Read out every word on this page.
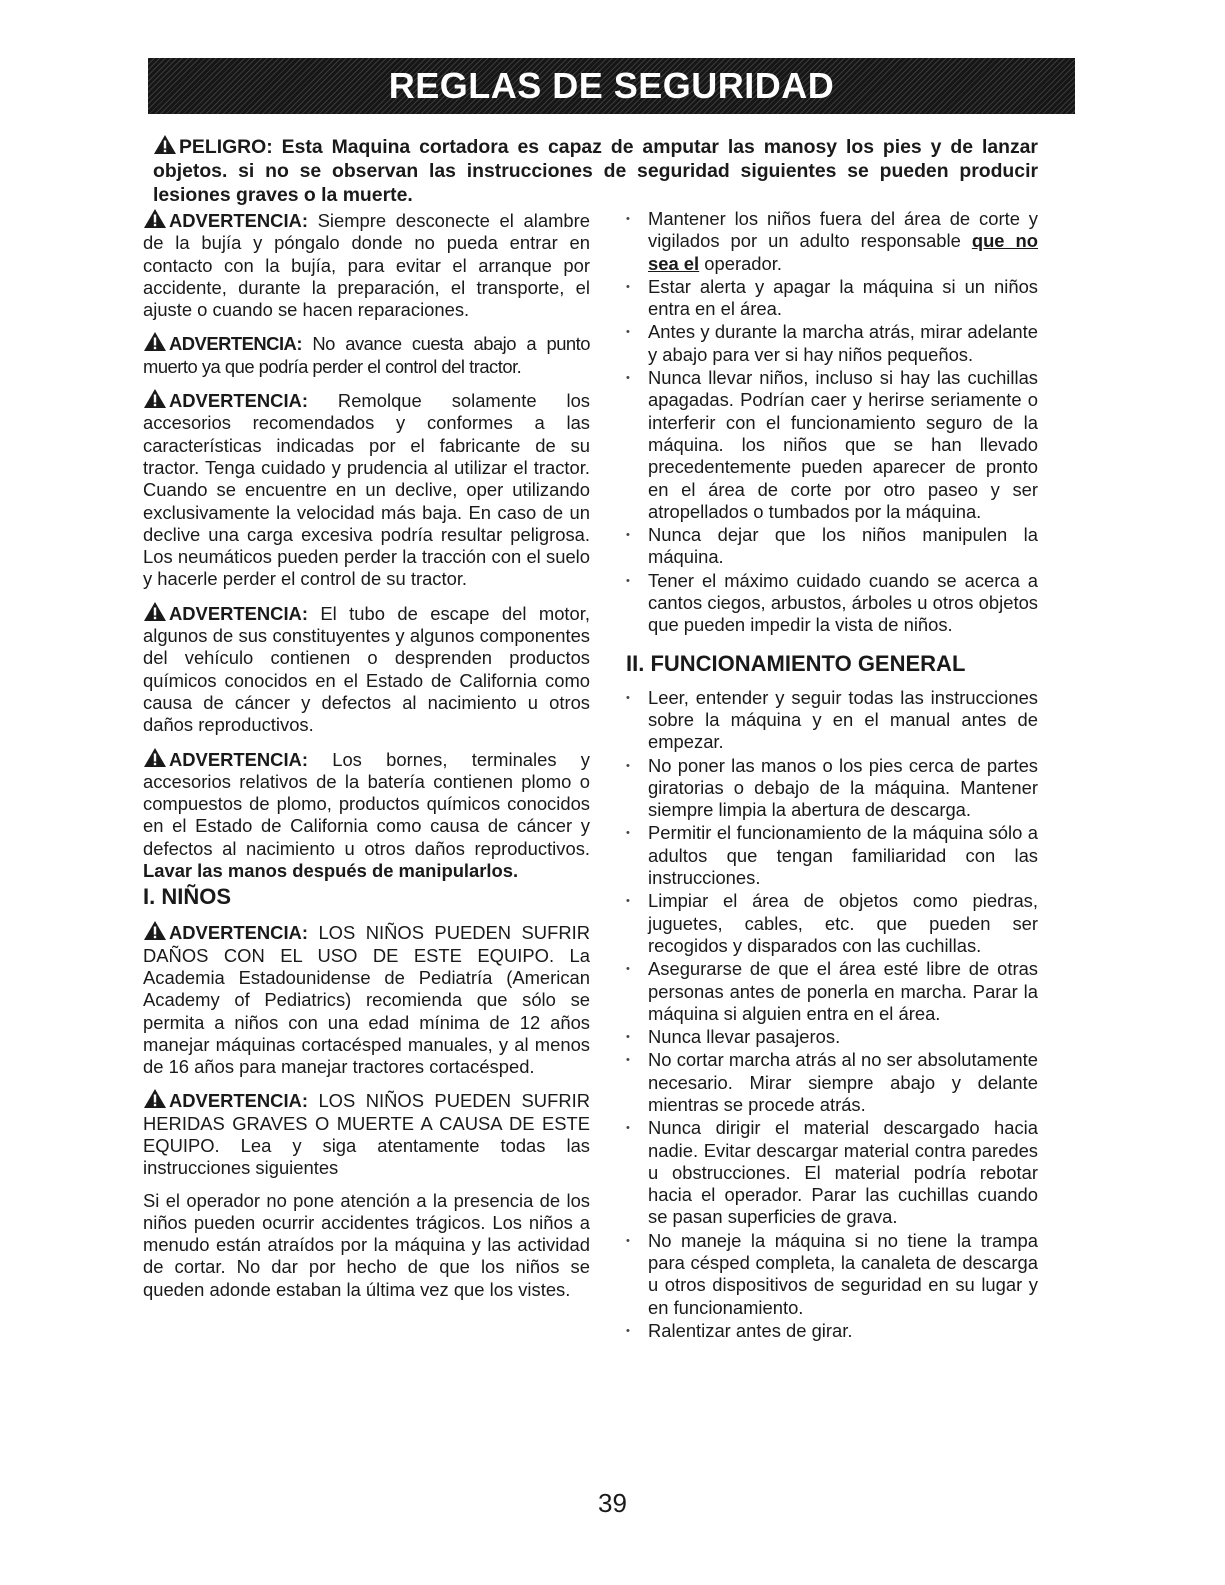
REGLAS DE SEGURIDAD
PELIGRO: Esta Maquina cortadora es capaz de amputar las manosy los pies y de lanzar objetos. si no se observan las instrucciones de seguridad siguientes se pueden producir lesiones graves o la muerte.

ADVERTENCIA: Siempre desconecte el alambre de la bujía y póngalo donde no pueda entrar en contacto con la bujía, para evitar el arranque por accidente, durante la preparación, el transporte, el ajuste o cuando se hacen reparaciones.

ADVERTENCIA: No avance cuesta abajo a punto muerto ya que podría perder el control del tractor.

ADVERTENCIA: Remolque solamente los accesorios recomendados y conformes a las características indicadas por el fabricante de su tractor. Tenga cuidado y prudencia al utilizar el tractor. Cuando se encuentre en un declive, oper utilizando exclusivamente la velocidad más baja. En caso de un declive una carga excesiva podría resultar peligrosa. Los neumáticos pueden perder la tracción con el suelo y hacerle perder el control de su tractor.

ADVERTENCIA: El tubo de escape del motor, algunos de sus constituyentes y algunos componentes del vehículo contienen o desprenden productos químicos conocidos en el Estado de California como causa de cáncer y defectos al nacimiento u otros daños reproductivos.

ADVERTENCIA: Los bornes, terminales y accesorios relativos de la batería contienen plomo o compuestos de plomo, productos químicos conocidos en el Estado de California como causa de cáncer y defectos al nacimiento u otros daños reproductivos. Lavar las manos después de manipularlos.

I. NIÑOS

ADVERTENCIA: LOS NIÑOS PUEDEN SUFRIR DAÑOS CON EL USO DE ESTE EQUIPO. La Academia Estadounidense de Pediatría (American Academy of Pediatrics) recomienda que sólo se permita a niños con una edad mínima de 12 años manejar máquinas cortacésped manuales, y al menos de 16 años para manejar tractores cortacésped.

ADVERTENCIA: LOS NIÑOS PUEDEN SUFRIR HERIDAS GRAVES O MUERTE A CAUSA DE ESTE EQUIPO. Lea y siga atentamente todas las instrucciones siguientes

Si el operador no pone atención a la presencia de los niños pueden ocurrir accidentes trágicos. Los niños a menudo están atraídos por la máquina y las actividad de cortar. No dar por hecho de que los niños se queden adonde estaban la última vez que los vistes.

• Mantener los niños fuera del área de corte y vigilados por un adulto responsable que no sea el operador.
• Estar alerta y apagar la máquina si un niños entra en el área.
• Antes y durante la marcha atrás, mirar adelante y abajo para ver si hay niños pequeños.
• Nunca llevar niños, incluso si hay las cuchillas apagadas. Podrían caer y herirse seriamente o interferir con el funcionamiento seguro de la máquina. los niños que se han llevado precedentemente pueden aparecer de pronto en el área de corte por otro paseo y ser atropellados o tumbados por la máquina.
• Nunca dejar que los niños manipulen la máquina.
• Tener el máximo cuidado cuando se acerca a cantos ciegos, arbustos, árboles u otros objetos que pueden impedir la vista de niños.
II. FUNCIONAMIENTO GENERAL
• Leer, entender y seguir todas las instrucciones sobre la máquina y en el manual antes de empezar.
• No poner las manos o los pies cerca de partes giratorias o debajo de la máquina. Mantener siempre limpia la abertura de descarga.
• Permitir el funcionamiento de la máquina sólo a adultos que tengan familiaridad con las instrucciones.
• Limpiar el área de objetos como piedras, juguetes, cables, etc. que pueden ser recogidos y disparados con las cuchillas.
• Asegurarse de que el área esté libre de otras personas antes de ponerla en marcha. Parar la máquina si alguien entra en el área.
• Nunca llevar pasajeros.
• No cortar marcha atrás al no ser absolutamente necesario. Mirar siempre abajo y delante mientras se procede atrás.
• Nunca dirigir el material descargado hacia nadie. Evitar descargar material contra paredes u obstrucciones. El material podría rebotar hacia el operador. Parar las cuchillas cuando se pasan superficies de grava.
• No maneje la máquina si no tiene la trampa para césped completa, la canaleta de descarga u otros dispositivos de seguridad en su lugar y en funcionamiento.
• Ralentizar antes de girar.
39
